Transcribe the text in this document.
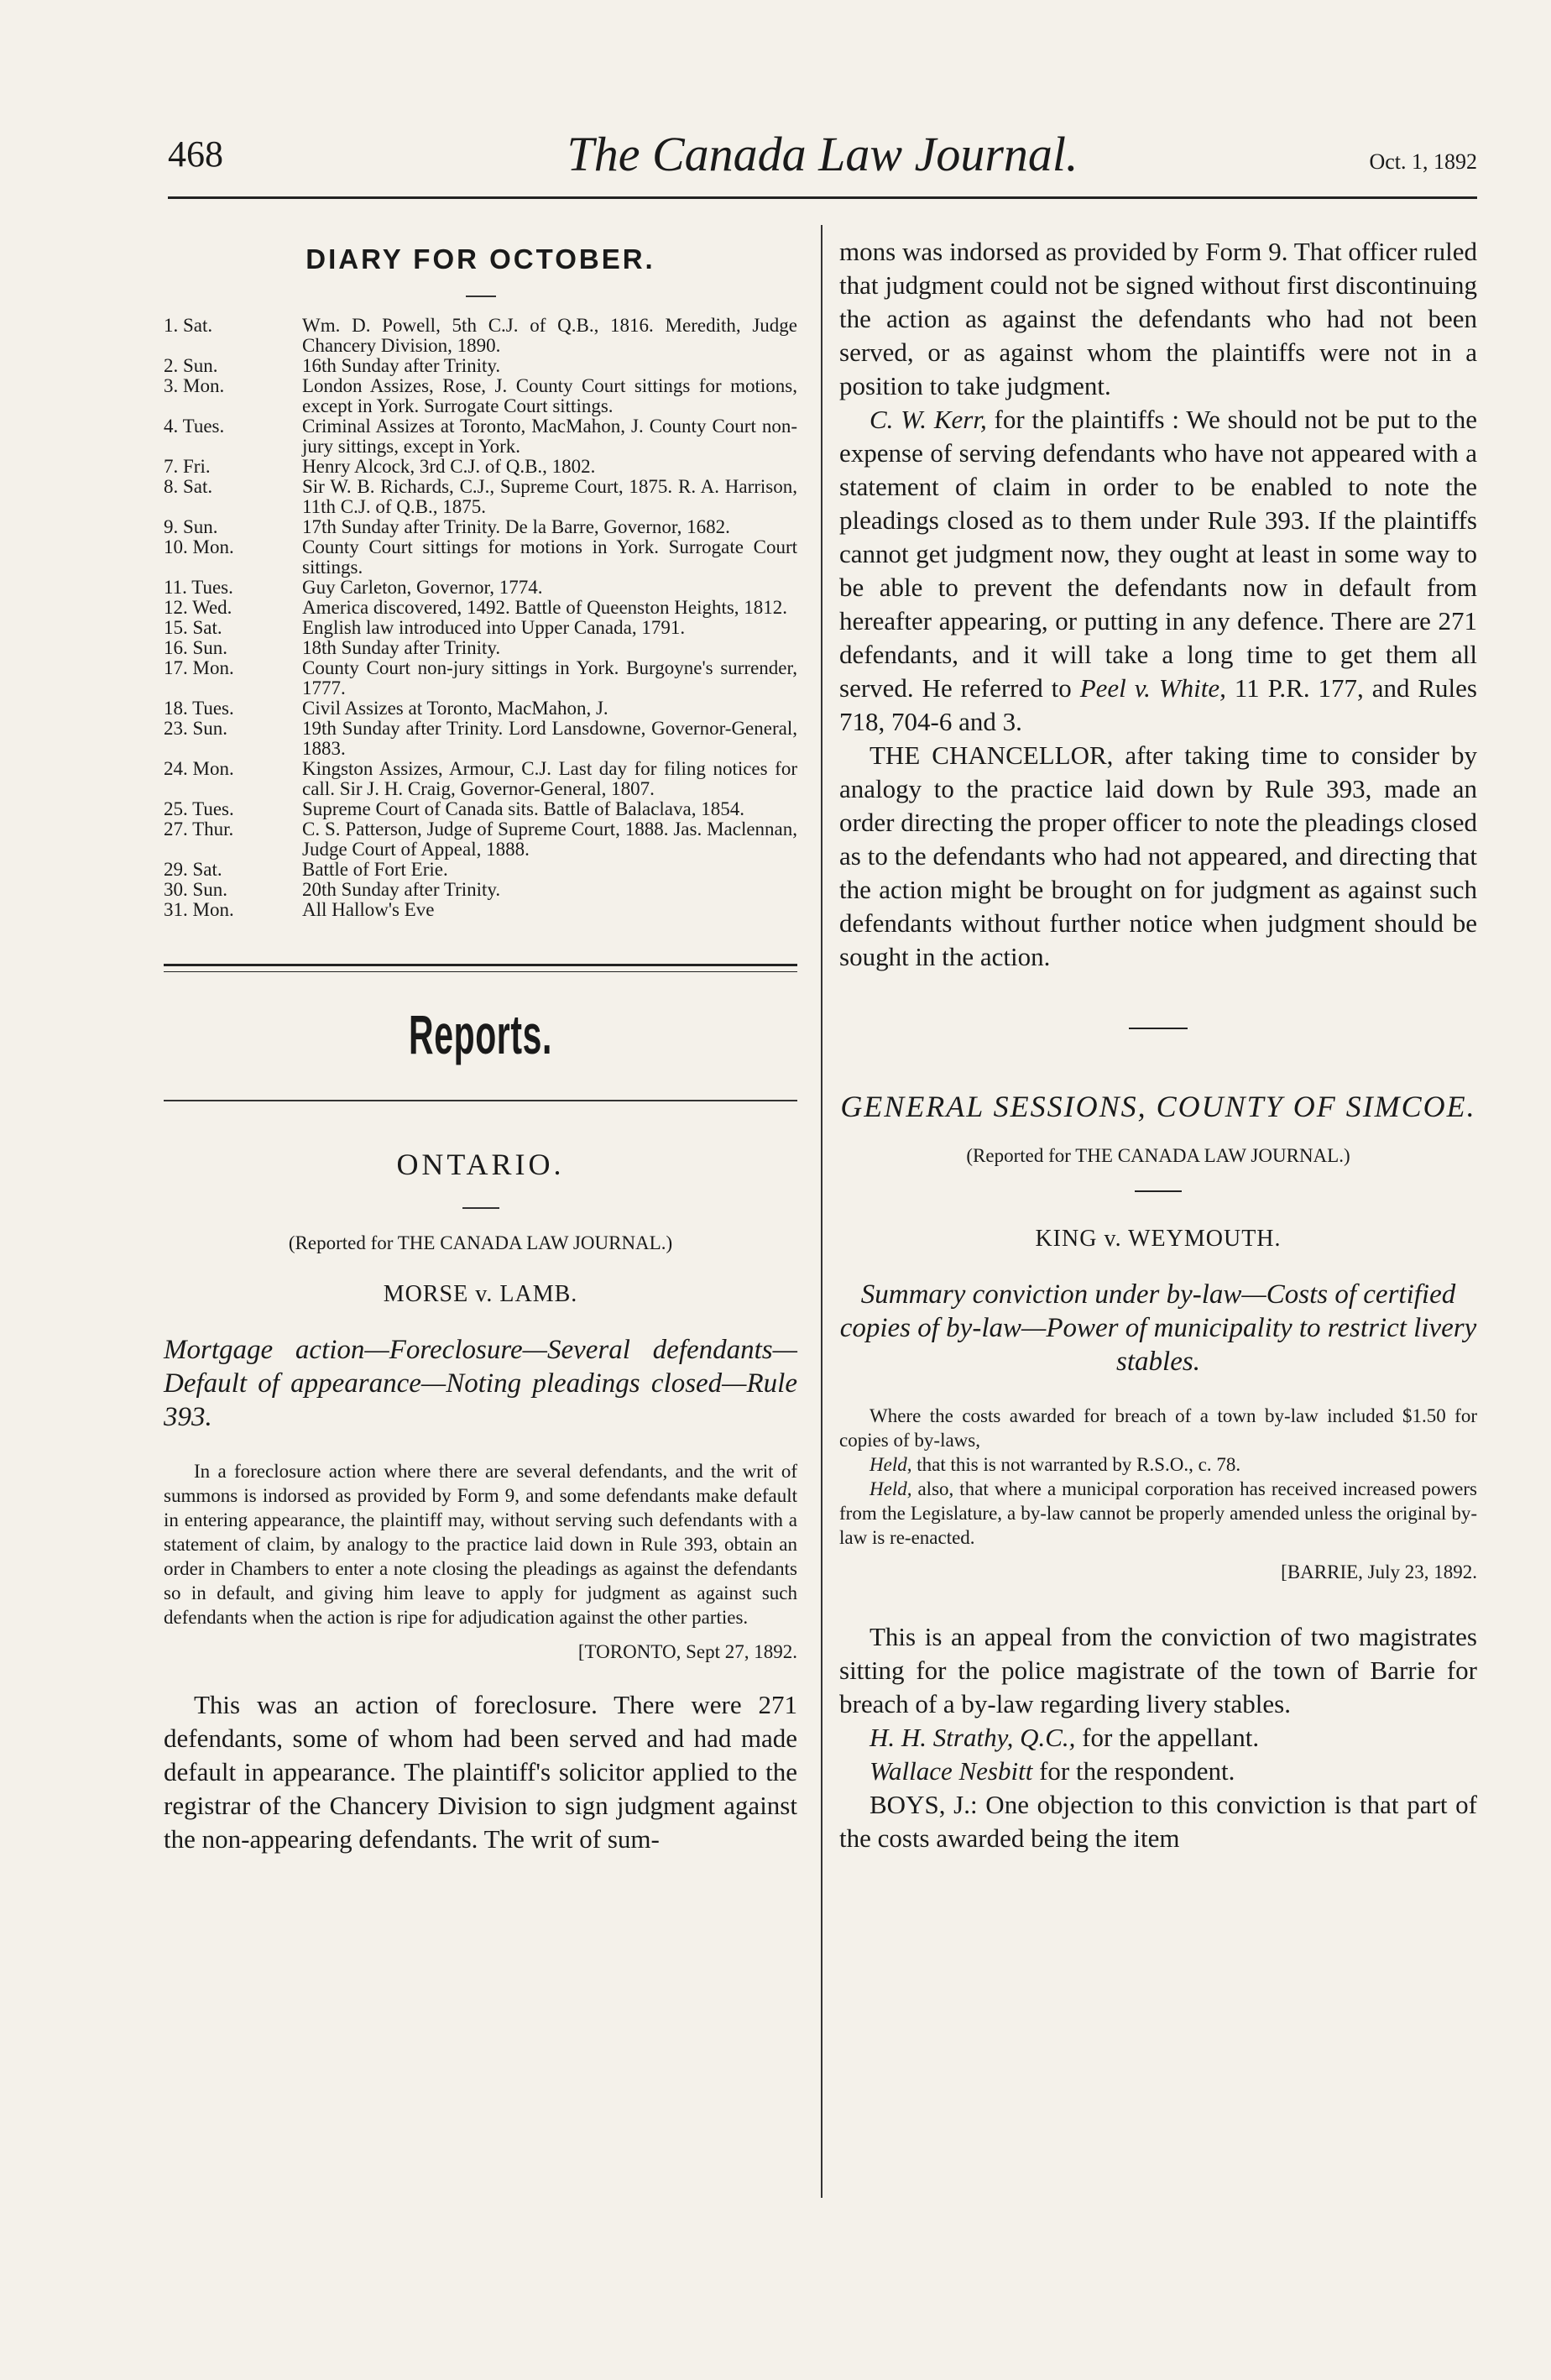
468	The Canada Law Journal.	Oct. 1, 1892
DIARY FOR OCTOBER.
1. Sat.	Wm. D. Powell, 5th C.J. of Q.B., 1816. Meredith, Judge Chancery Division, 1890.
2. Sun.	16th Sunday after Trinity.
3. Mon.	London Assizes, Rose, J. County Court sittings for motions, except in York. Surrogate Court sittings.
4. Tues.	Criminal Assizes at Toronto, MacMahon, J. County Court non-jury sittings, except in York.
7. Fri.	Henry Alcock, 3rd C.J. of Q.B., 1802.
8. Sat.	Sir W. B. Richards, C.J., Supreme Court, 1875. R. A. Harrison, 11th C.J. of Q.B., 1875.
9. Sun.	17th Sunday after Trinity. De la Barre, Governor, 1682.
10. Mon.	County Court sittings for motions in York. Surrogate Court sittings.
11. Tues.	Guy Carleton, Governor, 1774.
12. Wed.	America discovered, 1492. Battle of Queenston Heights, 1812.
15. Sat.	English law introduced into Upper Canada, 1791.
16. Sun.	18th Sunday after Trinity.
17. Mon.	County Court non-jury sittings in York. Burgoyne's surrender, 1777.
18. Tues.	Civil Assizes at Toronto, MacMahon, J.
23. Sun.	19th Sunday after Trinity. Lord Lansdowne, Governor-General, 1883.
24. Mon.	Kingston Assizes, Armour, C.J. Last day for filing notices for call. Sir J. H. Craig, Governor-General, 1807.
25. Tues.	Supreme Court of Canada sits. Battle of Balaclava, 1854.
27. Thur.	C. S. Patterson, Judge of Supreme Court, 1888. Jas. Maclennan, Judge Court of Appeal, 1888.
29. Sat.	Battle of Fort Erie.
30. Sun.	20th Sunday after Trinity.
31. Mon.	All Hallow's Eve
Reports.
ONTARIO.
(Reported for THE CANADA LAW JOURNAL.)
MORSE v. LAMB.
Mortgage action—Foreclosure—Several defendants—Default of appearance—Noting pleadings closed—Rule 393.
In a foreclosure action where there are several defendants, and the writ of summons is indorsed as provided by Form 9, and some defendants make default in entering appearance, the plaintiff may, without serving such defendants with a statement of claim, by analogy to the practice laid down in Rule 393, obtain an order in Chambers to enter a note closing the pleadings as against the defendants so in default, and giving him leave to apply for judgment as against such defendants when the action is ripe for adjudication against the other parties.
[TORONTO, Sept 27, 1892.
This was an action of foreclosure. There were 271 defendants, some of whom had been served and had made default in appearance. The plaintiff's solicitor applied to the registrar of the Chancery Division to sign judgment against the non-appearing defendants. The writ of sum-
mons was indorsed as provided by Form 9. That officer ruled that judgment could not be signed without first discontinuing the action as against the defendants who had not been served, or as against whom the plaintiffs were not in a position to take judgment.
C. W. Kerr, for the plaintiffs : We should not be put to the expense of serving defendants who have not appeared with a statement of claim in order to be enabled to note the pleadings closed as to them under Rule 393. If the plaintiffs cannot get judgment now, they ought at least in some way to be able to prevent the defendants now in default from hereafter appearing, or putting in any defence. There are 271 defendants, and it will take a long time to get them all served. He referred to Peel v. White, 11 P.R. 177, and Rules 718, 704-6 and 3.
THE CHANCELLOR, after taking time to consider by analogy to the practice laid down by Rule 393, made an order directing the proper officer to note the pleadings closed as to the defendants who had not appeared, and directing that the action might be brought on for judgment as against such defendants without further notice when judgment should be sought in the action.
GENERAL SESSIONS, COUNTY OF SIMCOE.
(Reported for THE CANADA LAW JOURNAL.)
KING v. WEYMOUTH.
Summary conviction under by-law—Costs of certified copies of by-law—Power of municipality to restrict livery stables.
Where the costs awarded for breach of a town by-law included $1.50 for copies of by-laws,
Held, that this is not warranted by R.S.O., c. 78.
Held, also, that where a municipal corporation has received increased powers from the Legislature, a by-law cannot be properly amended unless the original by-law is re-enacted.
[BARRIE, July 23, 1892.
This is an appeal from the conviction of two magistrates sitting for the police magistrate of the town of Barrie for breach of a by-law regarding livery stables.
H. H. Strathy, Q.C., for the appellant.
Wallace Nesbitt for the respondent.
BOYS, J.: One objection to this conviction is that part of the costs awarded being the item
